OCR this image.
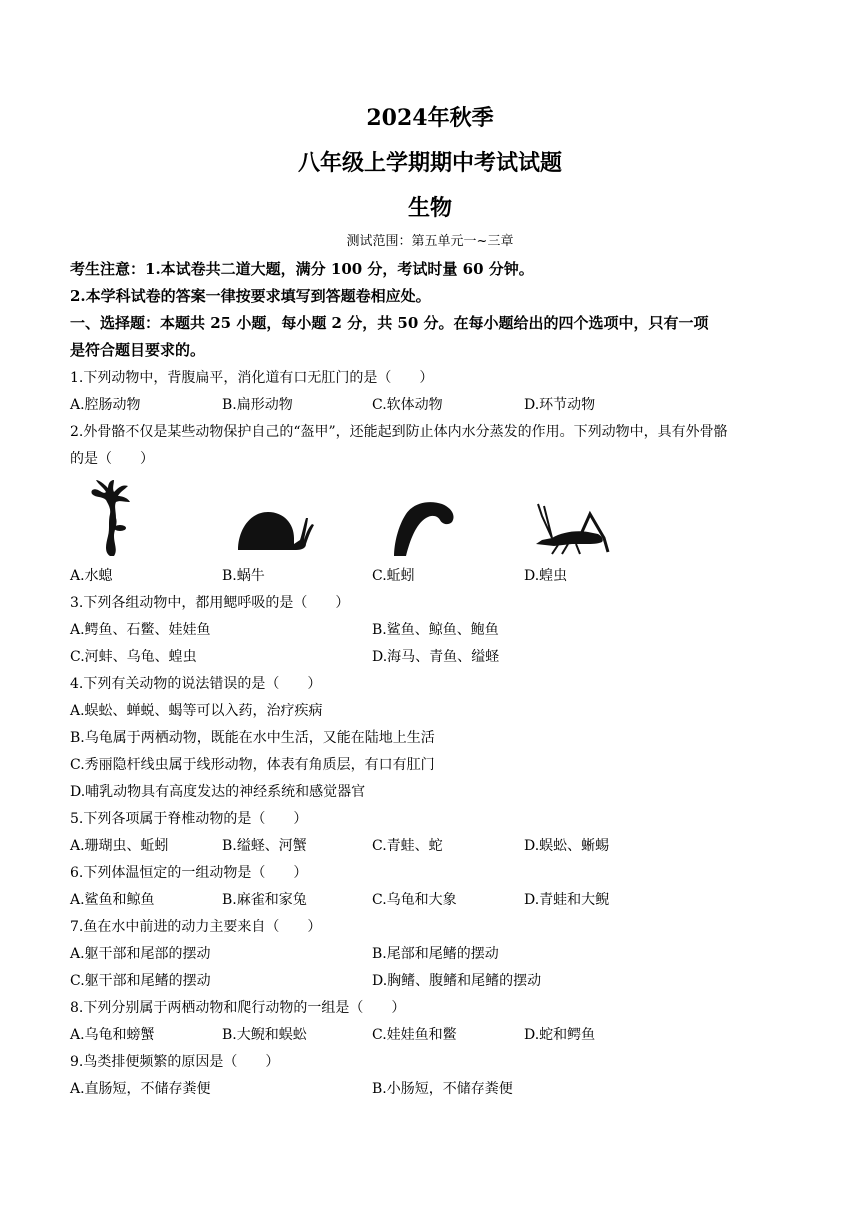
2024年秋季
八年级上学期期中考试试题
生物
测试范围：第五单元一~三章
考生注意：1.本试卷共二道大题，满分 100 分，考试时量 60 分钟。
2.本学科试卷的答案一律按要求填写到答题卷相应处。
一、选择题：本题共 25 小题，每小题 2 分，共 50 分。在每小题给出的四个选项中，只有一项
是符合题目要求的。
1.下列动物中，背腹扁平，消化道有口无肛门的是（　　）
A.腔肠动物	B.扁形动物	C.软体动物	D.环节动物
2.外骨骼不仅是某些动物保护自己的“盔甲”，还能起到防止体内水分蒸发的作用。下列动物中，具有外骨骼
的是（　　）
A.水螅	B.蜗牛	C.蚯蚓	D.蝗虫
3.下列各组动物中，都用鳃呼吸的是（　　）
A.鳄鱼、石鳖、娃娃鱼	B.鲨鱼、鲸鱼、鲍鱼
C.河蚌、乌龟、蝗虫	D.海马、青鱼、缢蛏
4.下列有关动物的说法错误的是（　　）
A.蜈蚣、蝉蜕、蝎等可以入药，治疗疾病
B.乌龟属于两栖动物，既能在水中生活，又能在陆地上生活
C.秀丽隐杆线虫属于线形动物，体表有角质层，有口有肛门
D.哺乳动物具有高度发达的神经系统和感觉器官
5.下列各项属于脊椎动物的是（　　）
A.珊瑚虫、蚯蚓	B.缢蛏、河蟹	C.青蛙、蛇	D.蜈蚣、蜥蜴
6.下列体温恒定的一组动物是（　　）
A.鲨鱼和鲸鱼	B.麻雀和家兔	C.乌龟和大象	D.青蛙和大鲵
7.鱼在水中前进的动力主要来自（　　）
A.躯干部和尾部的摆动	B.尾部和尾鳍的摆动
C.躯干部和尾鳍的摆动	D.胸鳍、腹鳍和尾鳍的摆动
8.下列分别属于两栖动物和爬行动物的一组是（　　）
A.乌龟和螃蟹	B.大鲵和蜈蚣	C.娃娃鱼和鳖	D.蛇和鳄鱼
9.鸟类排便频繁的原因是（　　）
A.直肠短，不储存粪便	B.小肠短，不储存粪便
